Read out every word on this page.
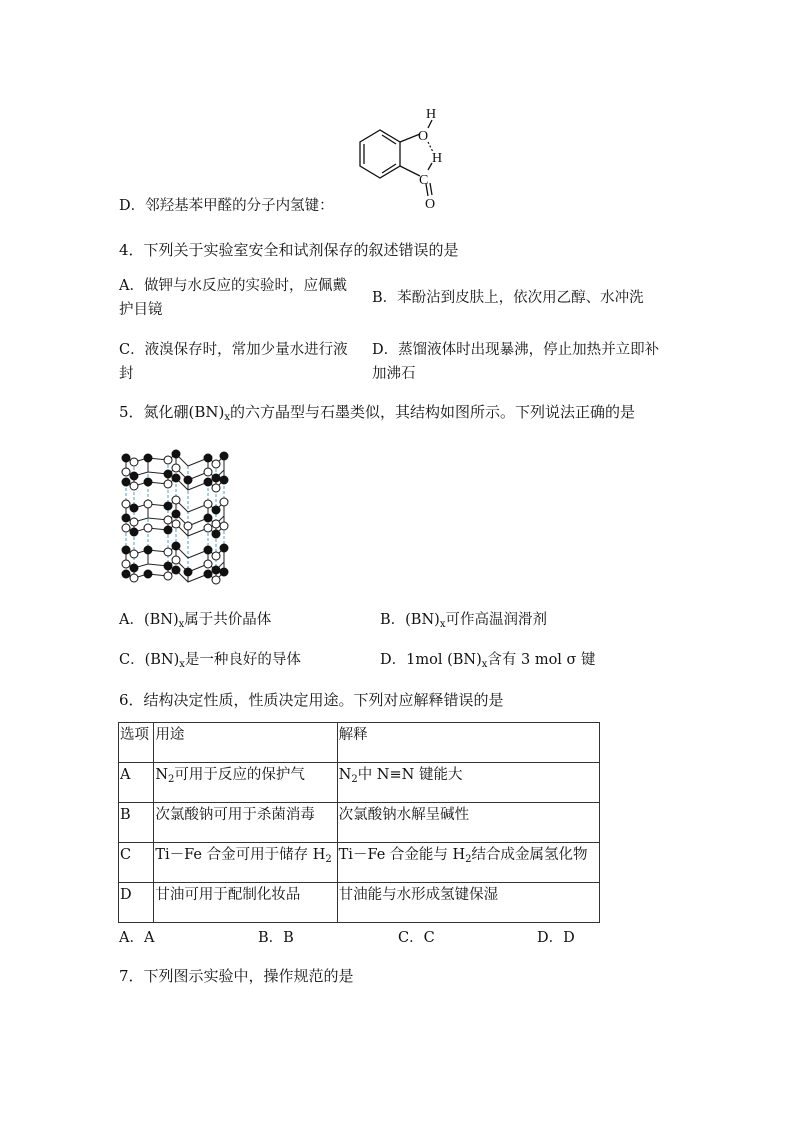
D．邻羟基苯甲醛的分子内氢键：
H
O
H
C
O
4．下列关于实验室安全和试剂保存的叙述错误的是
A．做钾与水反应的实验时，应佩戴
护目镜
B．苯酚沾到皮肤上，依次用乙醇、水冲洗
C．液溴保存时，常加少量水进行液
封
D．蒸馏液体时出现暴沸，停止加热并立即补
加沸石
5．氮化硼$(BN)_x$的六方晶型与石墨类似，其结构如图所示。下列说法正确的是
A．$(BN)_x$属于共价晶体	B．$(BN)_x$可作高温润滑剂
C．$(BN)_x$是一种良好的导体	D．1mol $(BN)_x$含有 3 mol σ 键
6．结构决定性质，性质决定用途。下列对应解释错误的是
选项	用途	解释
A	$N_2$可用于反应的保护气	$N_2$中 N≡N 键能大
B	次氯酸钠可用于杀菌消毒	次氯酸钠水解呈碱性
C	Ti－Fe 合金可用于储存 $H_2$	Ti－Fe 合金能与 $H_2$结合成金属氢化物
D	甘油可用于配制化妆品	甘油能与水形成氢键保湿
A．A	B．B	C．C	D．D
7．下列图示实验中，操作规范的是
